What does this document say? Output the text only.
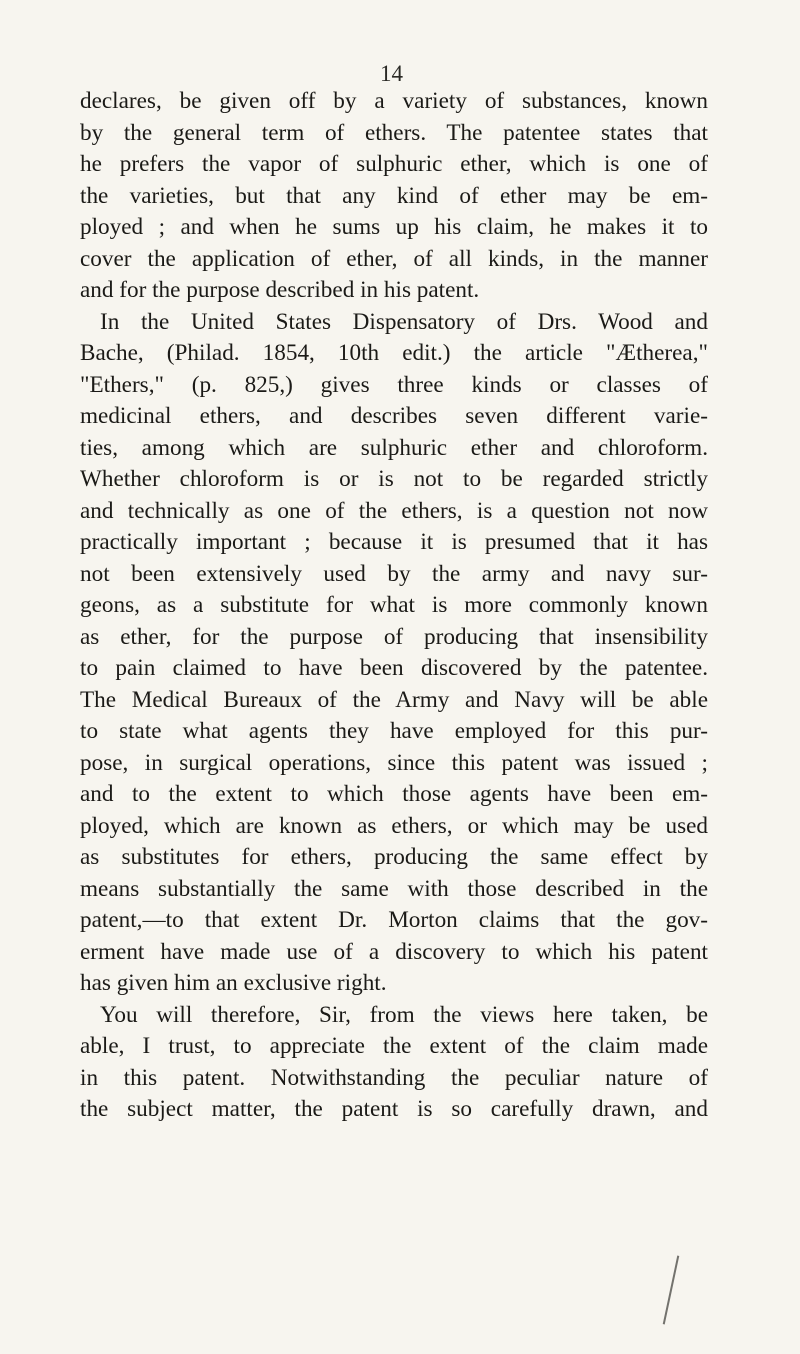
14
declares, be given off by a variety of substances, known
by the general term of ethers. The patentee states that
he prefers the vapor of sulphuric ether, which is one of
the varieties, but that any kind of ether may be em-
ployed ; and when he sums up his claim, he makes it to
cover the application of ether, of all kinds, in the manner
and for the purpose described in his patent.
In the United States Dispensatory of Drs. Wood and
Bache, (Philad. 1854, 10th edit.) the article "Ætherea,"
"Ethers," (p. 825,) gives three kinds or classes of
medicinal ethers, and describes seven different varie-
ties, among which are sulphuric ether and chloroform.
Whether chloroform is or is not to be regarded strictly
and technically as one of the ethers, is a question not now
practically important ; because it is presumed that it has
not been extensively used by the army and navy sur-
geons, as a substitute for what is more commonly known
as ether, for the purpose of producing that insensibility
to pain claimed to have been discovered by the patentee.
The Medical Bureaux of the Army and Navy will be able
to state what agents they have employed for this pur-
pose, in surgical operations, since this patent was issued ;
and to the extent to which those agents have been em-
ployed, which are known as ethers, or which may be used
as substitutes for ethers, producing the same effect by
means substantially the same with those described in the
patent,—to that extent Dr. Morton claims that the gov-
erment have made use of a discovery to which his patent
has given him an exclusive right.
You will therefore, Sir, from the views here taken, be
able, I trust, to appreciate the extent of the claim made
in this patent. Notwithstanding the peculiar nature of
the subject matter, the patent is so carefully drawn, and
